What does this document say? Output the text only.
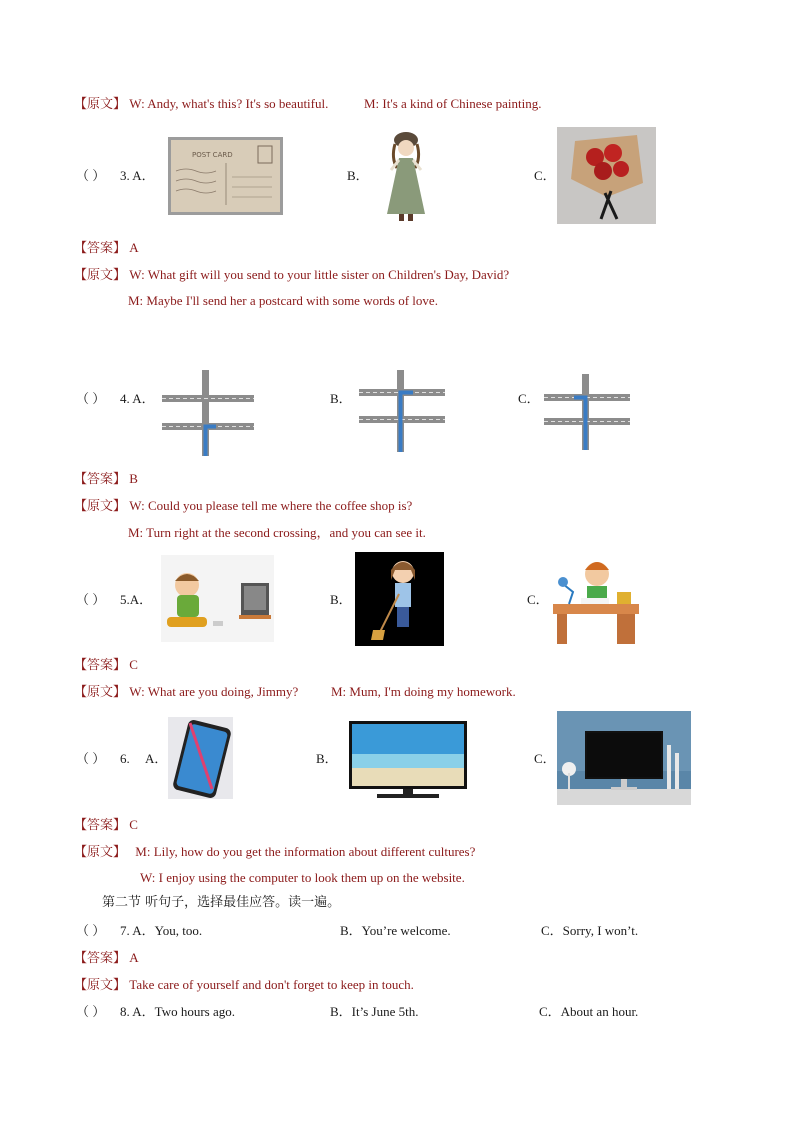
【原文】 W: Andy, what's this? It's so beautiful.	M: It's a kind of Chinese painting.
（ ） 3. A．
POST CARD
B．	C．
【答案】 A
【原文】 W: What gift will you send to your little sister on Children's Day, David?
M: Maybe I'll send her a postcard with some words of love.
（ ） 4. A．	B．	C．
【答案】 B
【原文】 W: Could you please tell me where the coffee shop is?
M: Turn right at the second crossing，and you can see it.
（ ） 5.A．	B．	C．
【答案】 C
【原文】 W: What are you doing, Jimmy?	M: Mum, I'm doing my homework.
（ ） 6. A．	B．	C．
【答案】 C
【原文】 M: Lily, how do you get the information about different cultures?
W: I enjoy using the computer to look them up on the website.
第二节 听句子，选择最佳应答。读一遍。
（ ） 7. A．You, too.	B．You’re welcome.	C．Sorry, I won’t.
【答案】 A
【原文】 Take care of yourself and don't forget to keep in touch.
（ ） 8. A．Two hours ago.	B．It’s June 5th.	C．About an hour.
